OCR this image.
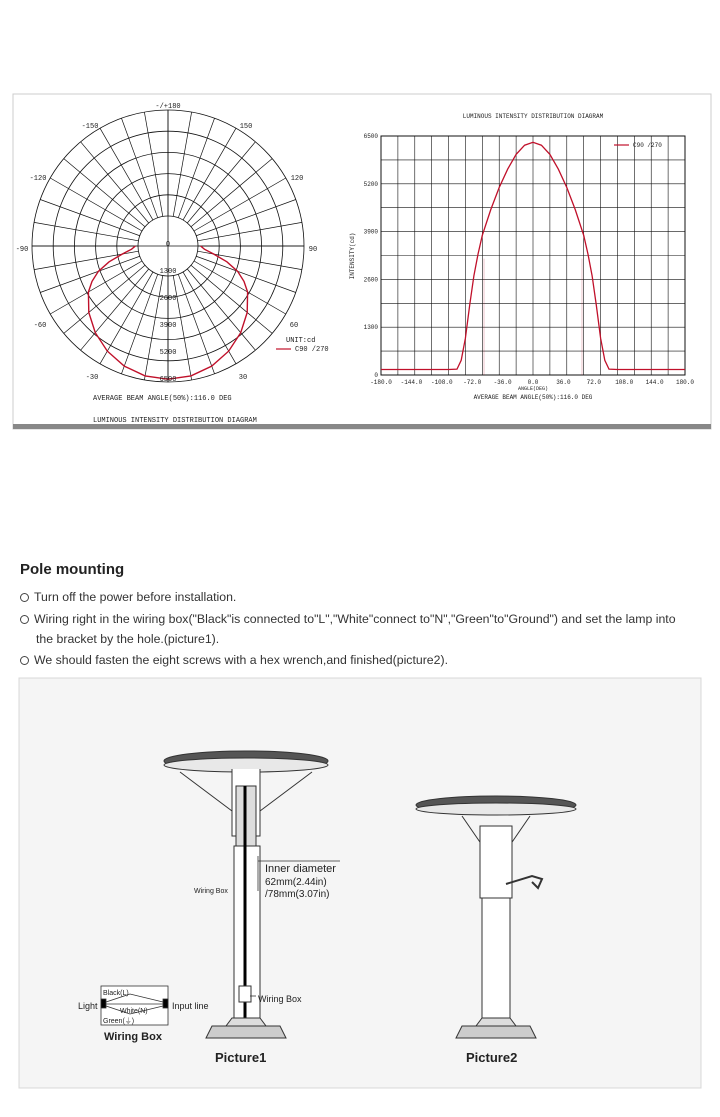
-/+180
-150	150
-120	120
-90	90
-60	60
-30	30
0
1300
2600
3900
5200
6500
UNIT:cd
C90 /270
AVERAGE BEAM ANGLE(50%):116.0 DEG
LUMINOUS INTENSITY DISTRIBUTION DIAGRAM
-180.0 -144.0 -108.0 -72.0 -36.0	0.0	36.0	72.0 108.0 144.0 180.0
0
1300
2600
3900
5200
6500
LUMINOUS INTENSITY DISTRIBUTION DIAGRAM
ANGLE(DEG)
AVERAGE BEAM ANGLE(50%):116.0 DEG
INTENSITY(cd)
C90 /270
Pole mounting
Turn off the power before installation.
Wiring right in the wiring box("Black"is connected to"L","White"connect to"N","Green"to"Ground") and set the lamp into
the bracket by the hole.(picture1).
We should fasten the eight screws with a hex wrench,and finished(picture2).
Inner diameter
62mm(2.44in)
/78mm(3.07in)
Wiring Box
Wiring Box
Black(L)
White(N)
Green(⏚)
Light	Input line
Wiring Box
Picture1	Picture2
